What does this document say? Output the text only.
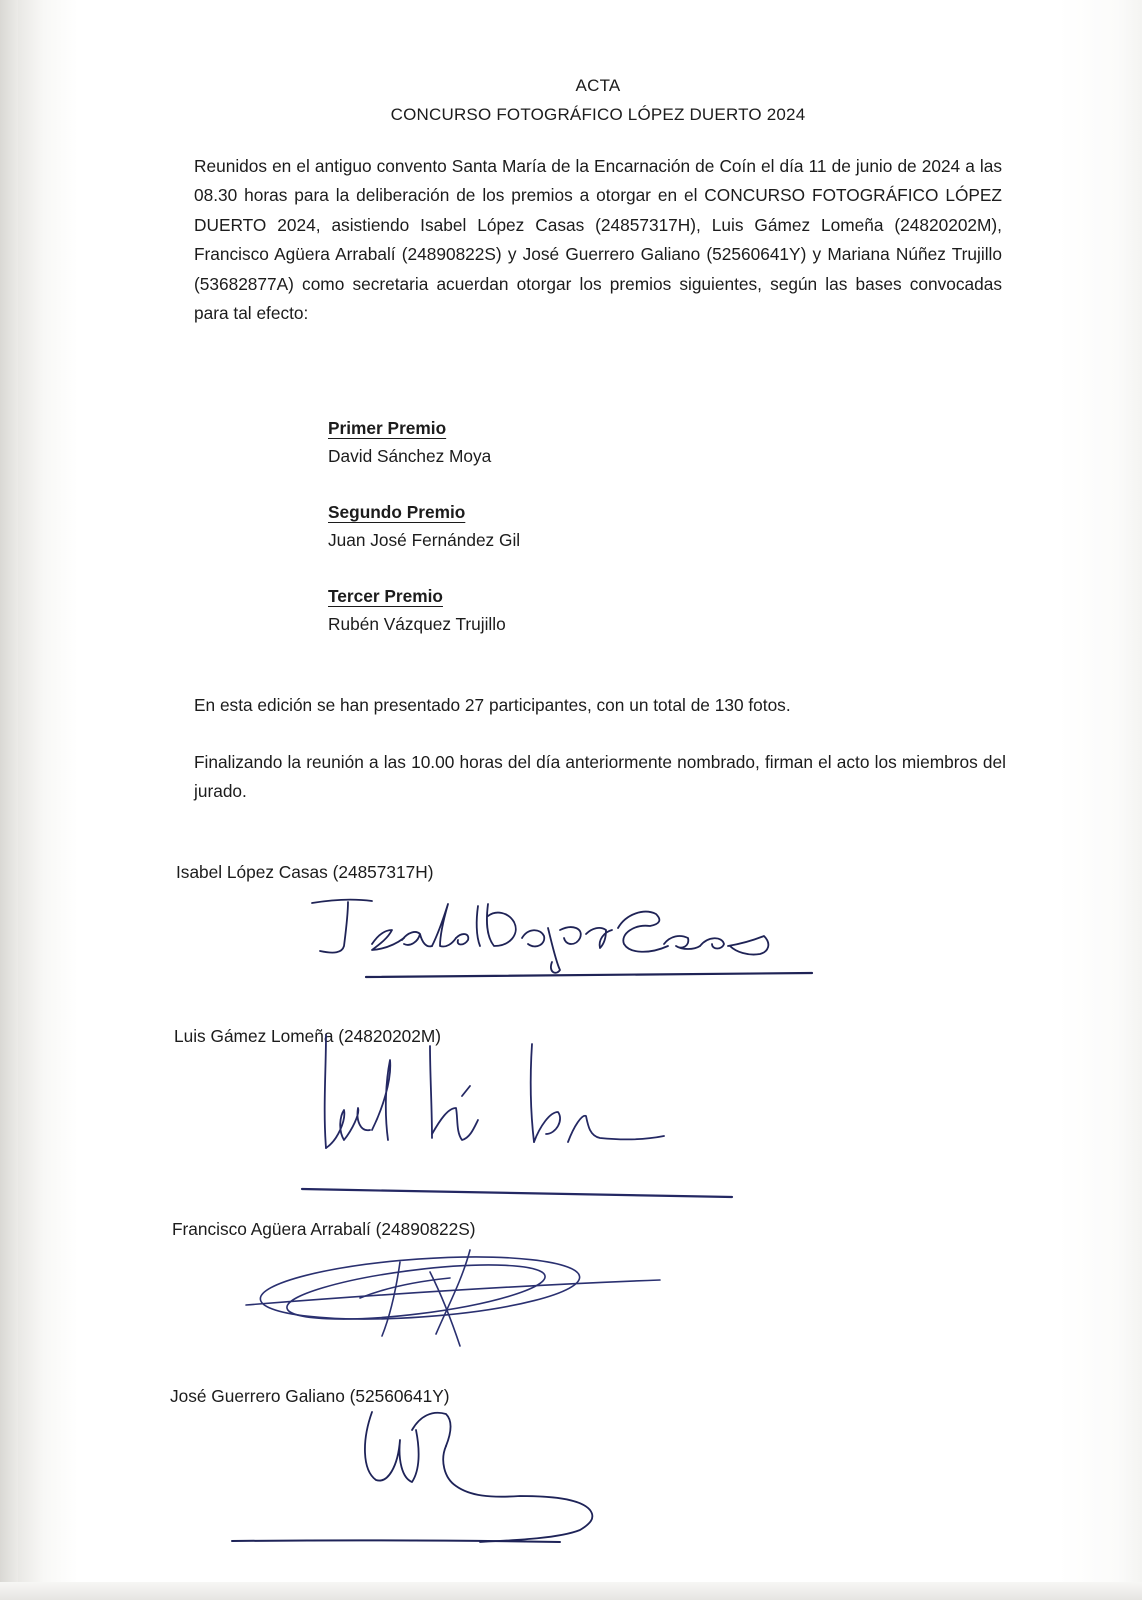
ACTA
CONCURSO FOTOGRÁFICO LÓPEZ DUERTO 2024
Reunidos en el antiguo convento Santa María de la Encarnación de Coín el día 11 de junio de 2024 a las 08.30 horas para la deliberación de los premios a otorgar en el CONCURSO FOTOGRÁFICO LÓPEZ DUERTO 2024, asistiendo Isabel López Casas (24857317H), Luis Gámez Lomeña (24820202M), Francisco Agüera Arrabalí (24890822S) y José Guerrero Galiano (52560641Y) y Mariana Núñez Trujillo (53682877A) como secretaria acuerdan otorgar los premios siguientes, según las bases convocadas para tal efecto:
Primer Premio
David Sánchez Moya
Segundo Premio
Juan José Fernández Gil
Tercer Premio
Rubén Vázquez Trujillo
En esta edición se han presentado 27 participantes, con un total de 130 fotos.
Finalizando la reunión a las 10.00 horas del día anteriormente nombrado, firman el acto los miembros del jurado.
Isabel López Casas (24857317H)
Luis Gámez Lomeña (24820202M)
Francisco Agüera Arrabalí (24890822S)
José Guerrero Galiano (52560641Y)
